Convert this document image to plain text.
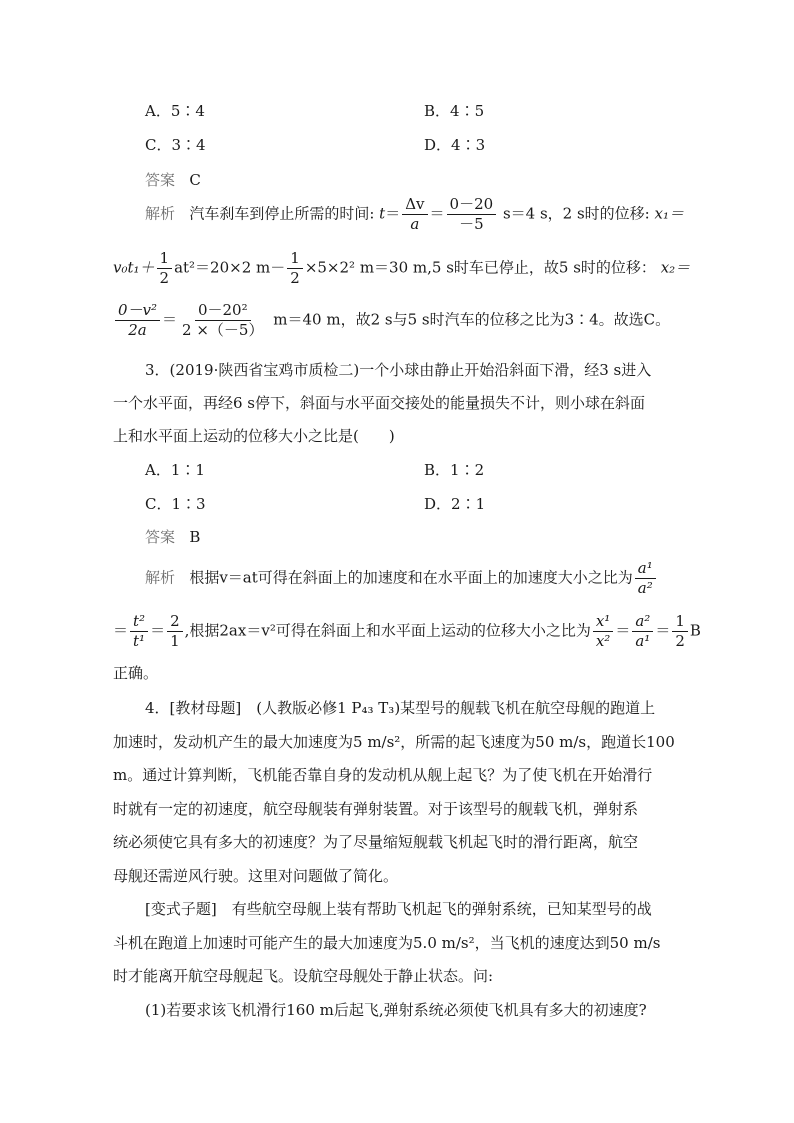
A．5∶4	B．4∶5
C．3∶4	D．4∶3
答案 C
解析 汽车刹车到停止所需的时间: $t= \frac{\Delta v}{a} = \frac{0-20}{-5} s=4$ s，2 s时的位移: x₁＝
$v_0t_1+ \frac{1}{2} at^2=20\times 2$ $m- \frac{1}{2} \times 5\times 2^2$ m＝30 m,5 s时车已停止，故5 s时的位移： x₂＝
$\frac{\text{0－v²}}{2a} = \frac{\text{0－20²}}{2 \times(-5)} m=40$ m，故2 s与5 s时汽车的位移之比为3∶4。故选C。
3．(2019·陕西省宝鸡市质检二)一个小球由静止开始沿斜面下滑，经3 s进入
一个水平面，再经6 s停下，斜面与水平面交接处的能量损失不计，则小球在斜面
上和水平面上运动的位移大小之比是(　　)
A．1∶1	B．1∶2
C．1∶3	D．2∶1
答案 B
解析 根据v＝at可得在斜面上的加速度和在水平面上的加速度大小之比为 $\frac{\text{a¹}}{\text{a²}}$
＝ $\frac{\text{t²}}{\text{t¹}} = \frac{2}{1}$ ,根据2ax＝v²可得在斜面上和水平面上运动的位移大小之比为 $\frac{\text{x¹}}{\text{x²}} = \frac{\text{a²}}{\text{a¹}} = \frac{1}{2}$ B
正确。
4．[教材母题]　(人教版必修1 P₄₃ T₃)某型号的舰载飞机在航空母舰的跑道上
加速时，发动机产生的最大加速度为5 m/s²，所需的起飞速度为50 m/s，跑道长100
m。通过计算判断，飞机能否靠自身的发动机从舰上起飞？为了使飞机在开始滑行
时就有一定的初速度，航空母舰装有弹射装置。对于该型号的舰载飞机，弹射系
统必须使它具有多大的初速度？为了尽量缩短舰载飞机起飞时的滑行距离，航空
母舰还需逆风行驶。这里对问题做了简化。
[变式子题]　有些航空母舰上装有帮助飞机起飞的弹射系统，已知某型号的战
斗机在跑道上加速时可能产生的最大加速度为5.0 m/s²，当飞机的速度达到50 m/s
时才能离开航空母舰起飞。设航空母舰处于静止状态。问:
(1)若要求该飞机滑行160 m后起飞,弹射系统必须使飞机具有多大的初速度?
